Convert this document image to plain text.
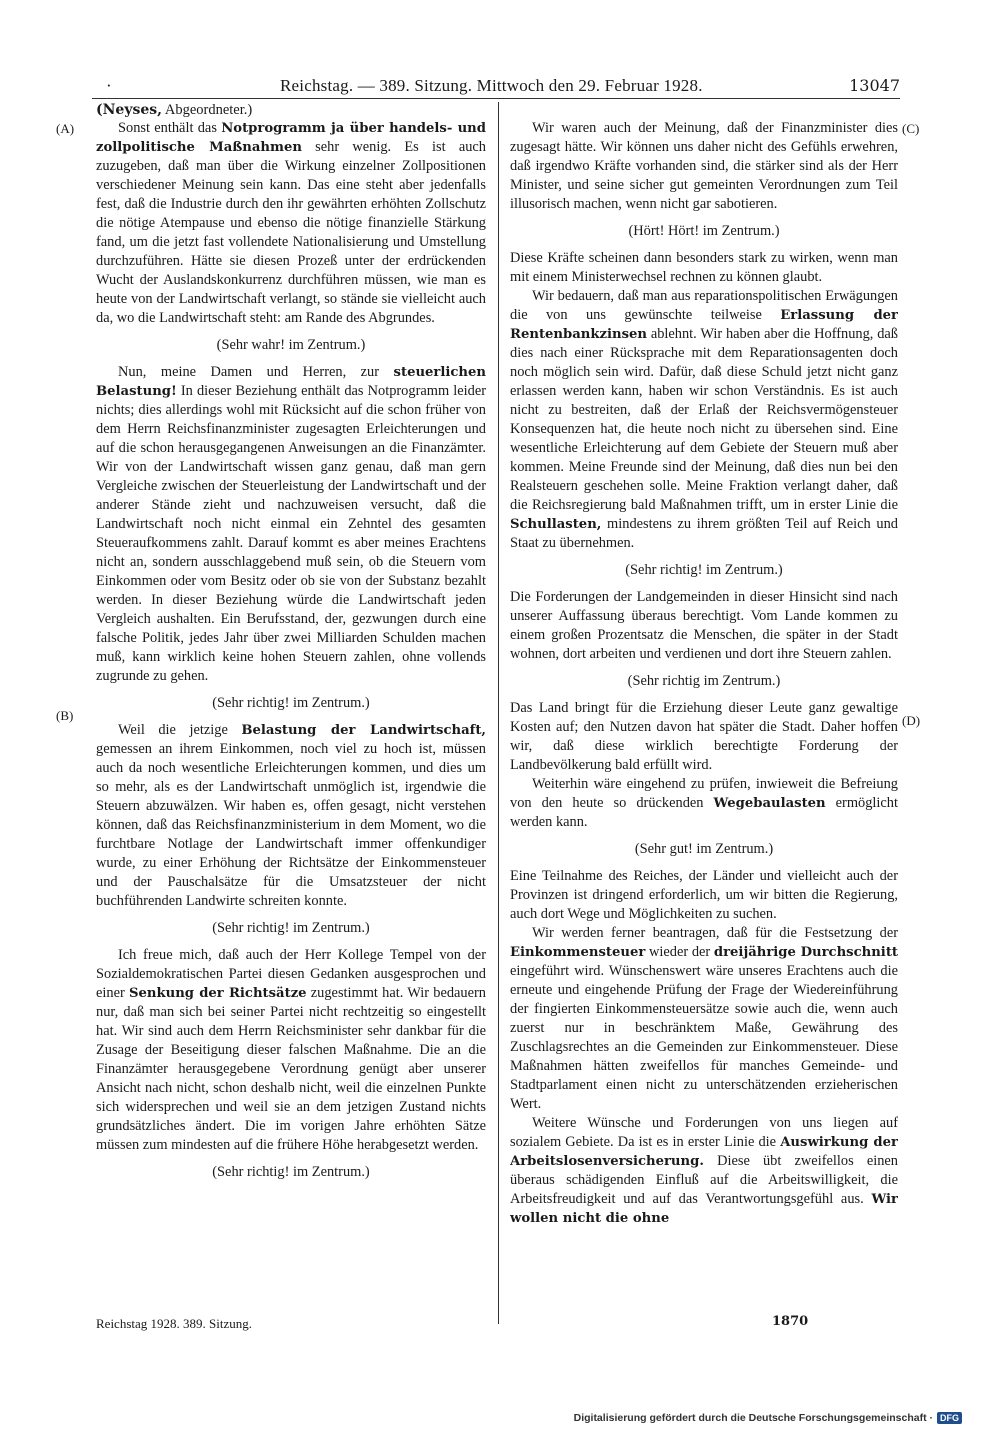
·	Reichstag. — 389. Sitzung. Mittwoch den 29. Februar 1928.	13047
(Neyses, Abgeordneter.)
(A)
(B)
(C)
(D)

Sonst enthält das Notprogramm ja über handels- und zollpolitische Maßnahmen sehr wenig. Es ist auch zuzugeben, daß man über die Wirkung einzelner Zollpositionen verschiedener Meinung sein kann. Das eine steht aber jedenfalls fest, daß die Industrie durch den ihr gewährten erhöhten Zollschutz die nötige Atempause und ebenso die nötige finanzielle Stärkung fand, um die jetzt fast vollendete Nationalisierung und Umstellung durchzuführen. Hätte sie diesen Prozeß unter der erdrückenden Wucht der Auslandskonkurrenz durchführen müssen, wie man es heute von der Landwirtschaft verlangt, so stände sie vielleicht auch da, wo die Landwirtschaft steht: am Rande des Abgrundes.

(Sehr wahr! im Zentrum.)

Nun, meine Damen und Herren, zur steuerlichen Belastung! In dieser Beziehung enthält das Notprogramm leider nichts; dies allerdings wohl mit Rücksicht auf die schon früher von dem Herrn Reichsfinanzminister zugesagten Erleichterungen und auf die schon herausgegangenen Anweisungen an die Finanzämter. Wir von der Landwirtschaft wissen ganz genau, daß man gern Vergleiche zwischen der Steuerleistung der Landwirtschaft und der anderer Stände zieht und nachzuweisen versucht, daß die Landwirtschaft noch nicht einmal ein Zehntel des gesamten Steueraufkommens zahlt. Darauf kommt es aber meines Erachtens nicht an, sondern ausschlaggebend muß sein, ob die Steuern vom Einkommen oder vom Besitz oder ob sie von der Substanz bezahlt werden. In dieser Beziehung würde die Landwirtschaft jeden Vergleich aushalten. Ein Berufsstand, der, gezwungen durch eine falsche Politik, jedes Jahr über zwei Milliarden Schulden machen muß, kann wirklich keine hohen Steuern zahlen, ohne vollends zugrunde zu gehen.

(Sehr richtig! im Zentrum.)

Weil die jetzige Belastung der Landwirtschaft, gemessen an ihrem Einkommen, noch viel zu hoch ist, müssen auch da noch wesentliche Erleichterungen kommen, und dies um so mehr, als es der Landwirtschaft unmöglich ist, irgendwie die Steuern abzuwälzen. Wir haben es, offen gesagt, nicht verstehen können, daß das Reichsfinanzministerium in dem Moment, wo die furchtbare Notlage der Landwirtschaft immer offenkundiger wurde, zu einer Erhöhung der Richtsätze der Einkommensteuer und der Pauschalsätze für die Umsatzsteuer der nicht buchführenden Landwirte schreiten konnte.

(Sehr richtig! im Zentrum.)

Ich freue mich, daß auch der Herr Kollege Tempel von der Sozialdemokratischen Partei diesen Gedanken ausgesprochen und einer Senkung der Richtsätze zugestimmt hat. Wir bedauern nur, daß man sich bei seiner Partei nicht rechtzeitig so eingestellt hat. Wir sind auch dem Herrn Reichsminister sehr dankbar für die Zusage der Beseitigung dieser falschen Maßnahme. Die an die Finanzämter herausgegebene Verordnung genügt aber unserer Ansicht nach nicht, schon deshalb nicht, weil die einzelnen Punkte sich widersprechen und weil sie an dem jetzigen Zustand nichts grundsätzliches ändert. Die im vorigen Jahre erhöhten Sätze müssen zum mindesten auf die frühere Höhe herabgesetzt werden.

(Sehr richtig! im Zentrum.)

Wir waren auch der Meinung, daß der Finanzminister dies zugesagt hätte. Wir können uns daher nicht des Gefühls erwehren, daß irgendwo Kräfte vorhanden sind, die stärker sind als der Herr Minister, und seine sicher gut gemeinten Verordnungen zum Teil illusorisch machen, wenn nicht gar sabotieren.

(Hört! Hört! im Zentrum.)

Diese Kräfte scheinen dann besonders stark zu wirken, wenn man mit einem Ministerwechsel rechnen zu können glaubt.

Wir bedauern, daß man aus reparationspolitischen Erwägungen die von uns gewünschte teilweise Erlassung der Rentenbankzinsen ablehnt. Wir haben aber die Hoffnung, daß dies nach einer Rücksprache mit dem Reparationsagenten doch noch möglich sein wird. Dafür, daß diese Schuld jetzt nicht ganz erlassen werden kann, haben wir schon Verständnis. Es ist auch nicht zu bestreiten, daß der Erlaß der Reichsvermögensteuer Konsequenzen hat, die heute noch nicht zu übersehen sind. Eine wesentliche Erleichterung auf dem Gebiete der Steuern muß aber kommen. Meine Freunde sind der Meinung, daß dies nun bei den Realsteuern geschehen solle. Meine Fraktion verlangt daher, daß die Reichsregierung bald Maßnahmen trifft, um in erster Linie die Schullasten, mindestens zu ihrem größten Teil auf Reich und Staat zu übernehmen.

(Sehr richtig! im Zentrum.)

Die Forderungen der Landgemeinden in dieser Hinsicht sind nach unserer Auffassung überaus berechtigt. Vom Lande kommen zu einem großen Prozentsatz die Menschen, die später in der Stadt wohnen, dort arbeiten und verdienen und dort ihre Steuern zahlen.

(Sehr richtig im Zentrum.)

Das Land bringt für die Erziehung dieser Leute ganz gewaltige Kosten auf; den Nutzen davon hat später die Stadt. Daher hoffen wir, daß diese wirklich berechtigte Forderung der Landbevölkerung bald erfüllt wird.

Weiterhin wäre eingehend zu prüfen, inwieweit die Befreiung von den heute so drückenden Wegebaulasten ermöglicht werden kann.

(Sehr gut! im Zentrum.)

Eine Teilnahme des Reiches, der Länder und vielleicht auch der Provinzen ist dringend erforderlich, um wir bitten die Regierung, auch dort Wege und Möglichkeiten zu suchen.

Wir werden ferner beantragen, daß für die Festsetzung der Einkommensteuer wieder der dreijährige Durchschnitt eingeführt wird. Wünschenswert wäre unseres Erachtens auch die erneute und eingehende Prüfung der Frage der Wiedereinführung der fingierten Einkommensteuersätze sowie auch die, wenn auch zuerst nur in beschränktem Maße, Gewährung des Zuschlagsrechtes an die Gemeinden zur Einkommensteuer. Diese Maßnahmen hätten zweifellos für manches Gemeinde- und Stadtparlament einen nicht zu unterschätzenden erzieherischen Wert.

Weitere Wünsche und Forderungen von uns liegen auf sozialem Gebiete. Da ist es in erster Linie die Auswirkung der Arbeitslosenversicherung. Diese übt zweifellos einen überaus schädigenden Einfluß auf die Arbeitswilligkeit, die Arbeitsfreudigkeit und auf das Verantwortungsgefühl aus. Wir wollen nicht die ohne

Reichstag 1928. 389. Sitzung.	1870
Digitalisierung gefördert durch die Deutsche Forschungsgemeinschaft · DFG
